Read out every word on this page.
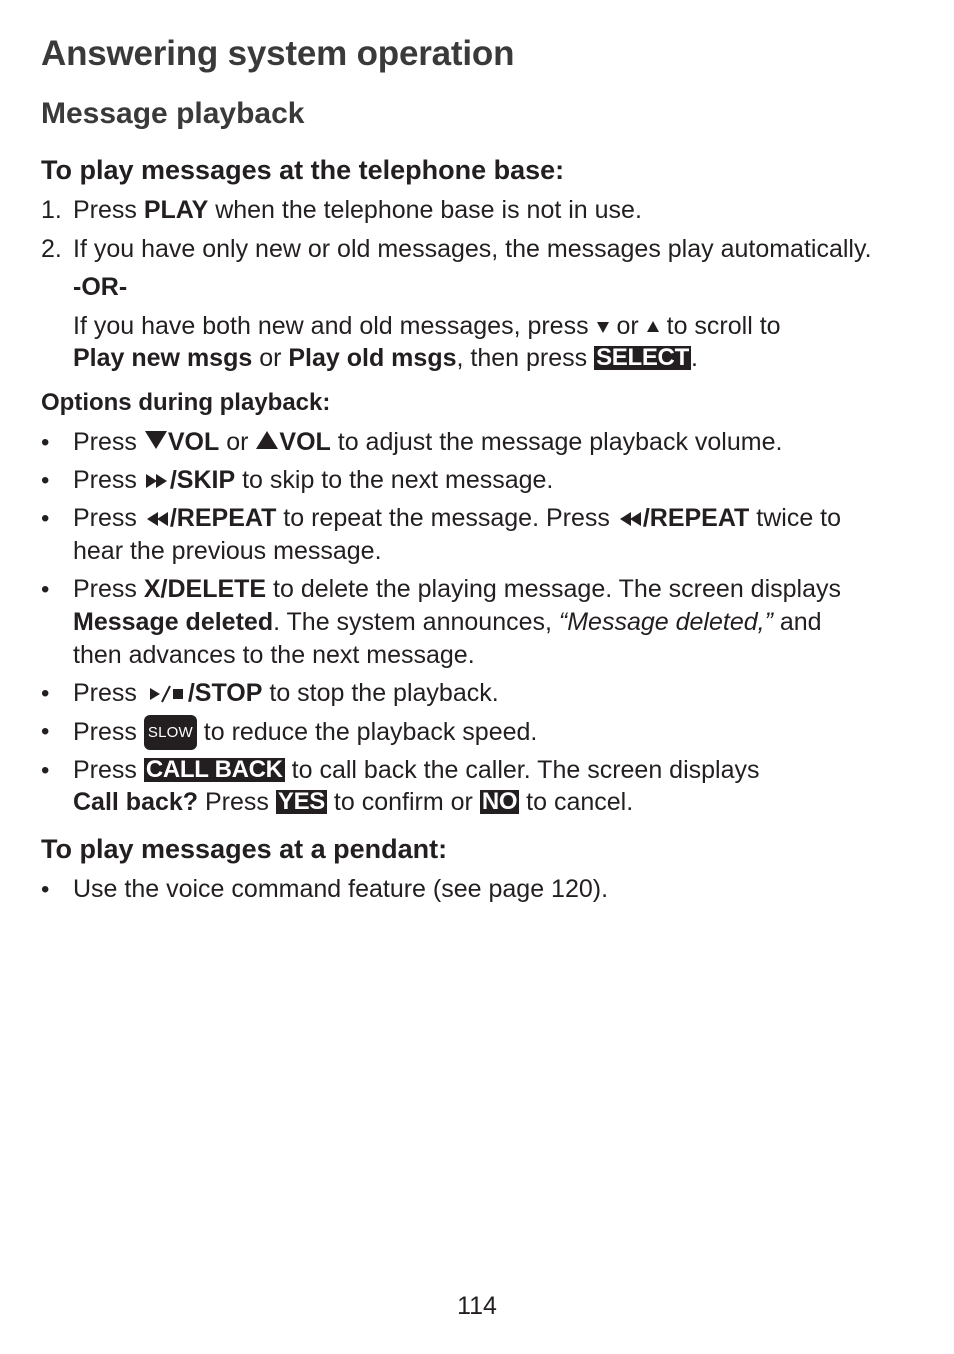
Answering system operation
Message playback
To play messages at the telephone base:
1. Press PLAY when the telephone base is not in use.

2. If you have only new or old messages, the messages play automatically.

-OR-

If you have both new and old messages, press  or  to scroll to

Play new msgs or Play old msgs, then press SELECT.

Options during playback:
• Press VOL or VOL to adjust the message playback volume.

• Press /SKIP to skip to the next message.

• Press /REPEAT to repeat the message. Press /REPEAT twice to

hear the previous message.

• Press X/DELETE to delete the playing message. The screen displays

Message deleted. The system announces, “Message deleted,” and

then advances to the next message.

• Press /STOP to stop the playback.

• Press SLOW to reduce the playback speed.

• Press CALL BACK to call back the caller. The screen displays

Call back? Press YES to confirm or NO to cancel.

To play messages at a pendant:
• Use the voice command feature (see page 120).

114
